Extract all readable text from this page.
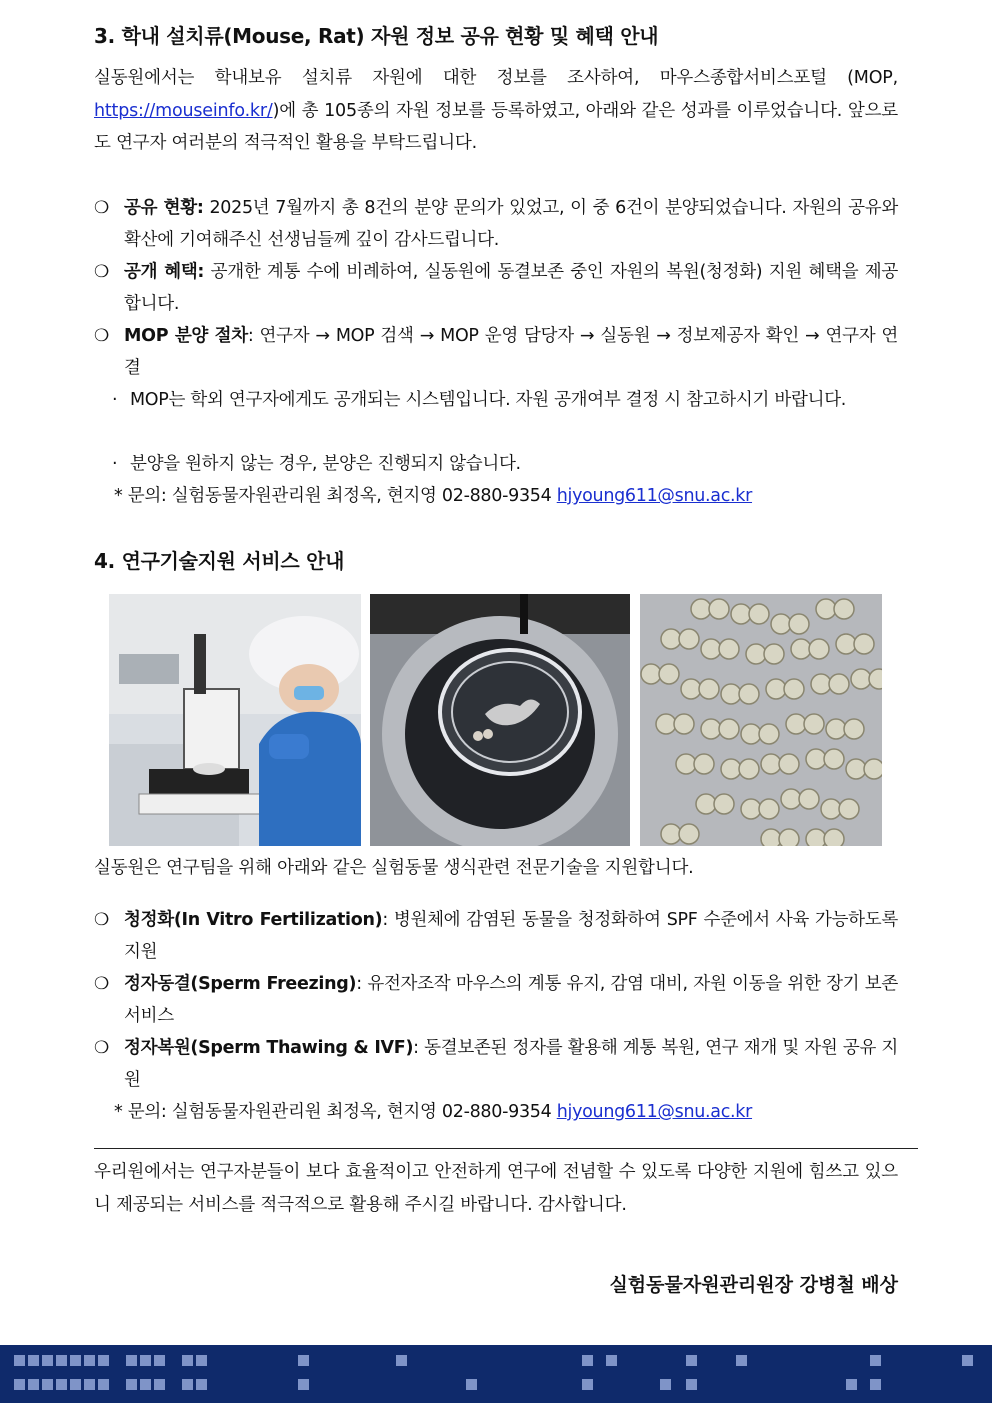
3. 학내 설치류(Mouse, Rat) 자원 정보 공유 현황 및 혜택 안내
실동원에서는 학내보유 설치류 자원에 대한 정보를 조사하여, 마우스종합서비스포털 (MOP, https://mouseinfo.kr/)에 총 105종의 자원 정보를 등록하였고, 아래와 같은 성과를 이루었습니다. 앞으로도 연구자 여러분의 적극적인 활용을 부탁드립니다.
❍ 공유 현황: 2025년 7월까지 총 8건의 분양 문의가 있었고, 이 중 6건이 분양되었습니다. 자원의 공유와 확산에 기여해주신 선생님들께 깊이 감사드립니다.
❍ 공개 혜택: 공개한 계통 수에 비례하여, 실동원에 동결보존 중인 자원의 복원(청정화) 지원 혜택을 제공합니다.
❍ MOP 분양 절차: 연구자 → MOP 검색 → MOP 운영 담당자 → 실동원 → 정보제공자 확인 → 연구자 연결
· MOP는 학외 연구자에게도 공개되는 시스템입니다. 자원 공개여부 결정 시 참고하시기 바랍니다.
· 분양을 원하지 않는 경우, 분양은 진행되지 않습니다.
* 문의: 실험동물자원관리원 최정옥, 현지영 02-880-9354 hjyoung611@snu.ac.kr
4. 연구기술지원 서비스 안내
실동원은 연구팀을 위해 아래와 같은 실험동물 생식관련 전문기술을 지원합니다.
❍ 청정화(In Vitro Fertilization): 병원체에 감염된 동물을 청정화하여 SPF 수준에서 사육 가능하도록 지원
❍ 정자동결(Sperm Freezing): 유전자조작 마우스의 계통 유지, 감염 대비, 자원 이동을 위한 장기 보존 서비스
❍ 정자복원(Sperm Thawing & IVF): 동결보존된 정자를 활용해 계통 복원, 연구 재개 및 자원 공유 지원
* 문의: 실험동물자원관리원 최정옥, 현지영 02-880-9354 hjyoung611@snu.ac.kr
우리원에서는 연구자분들이 보다 효율적이고 안전하게 연구에 전념할 수 있도록 다양한 지원에 힘쓰고 있으니 제공되는 서비스를 적극적으로 활용해 주시길 바랍니다. 감사합니다.
실험동물자원관리원장 강병철 배상
